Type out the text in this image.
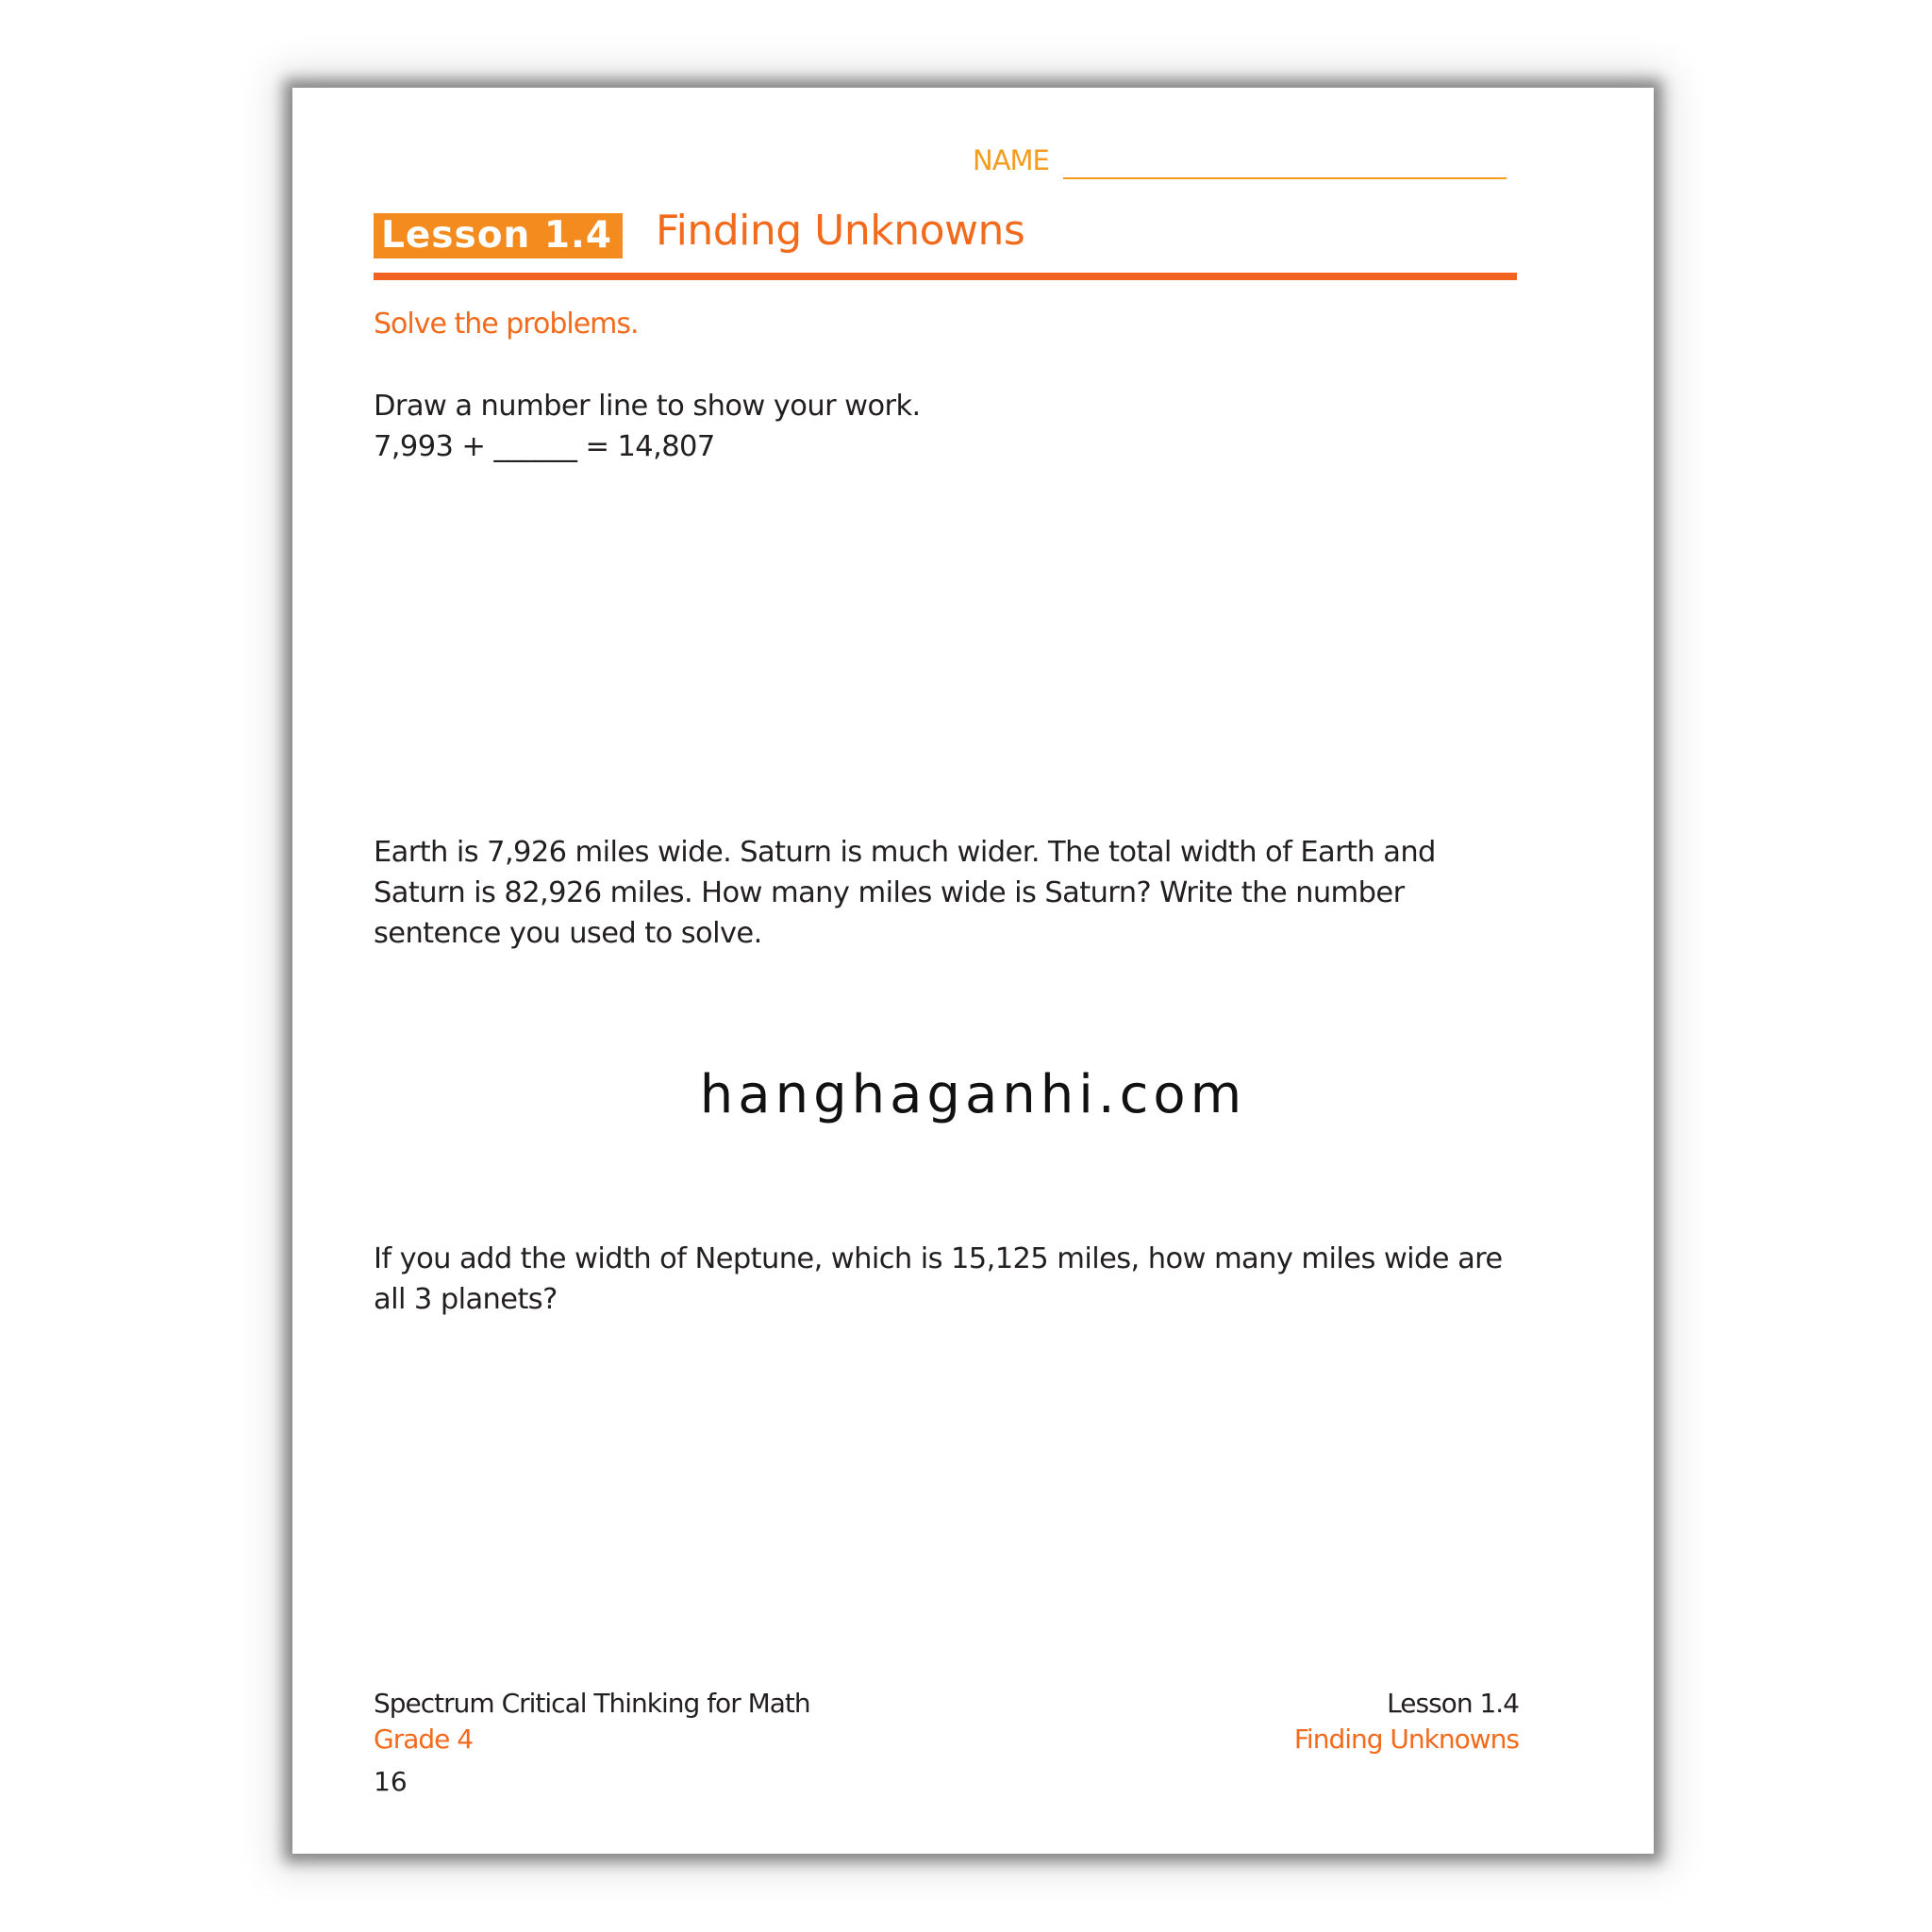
NAME
Lesson 1.4 Finding Unknowns
Solve the problems.

Draw a number line to show your work.

7,993 + ______ = 14,807

Earth is 7,926 miles wide. Saturn is much wider. The total width of Earth and Saturn is 82,926 miles. How many miles wide is Saturn? Write the number sentence you used to solve.

If you add the width of Neptune, which is 15,125 miles, how many miles wide are all 3 planets?

hanghaganhi.com
Spectrum Critical Thinking for Math
Grade 4
16
Lesson 1.4
Finding Unknowns
